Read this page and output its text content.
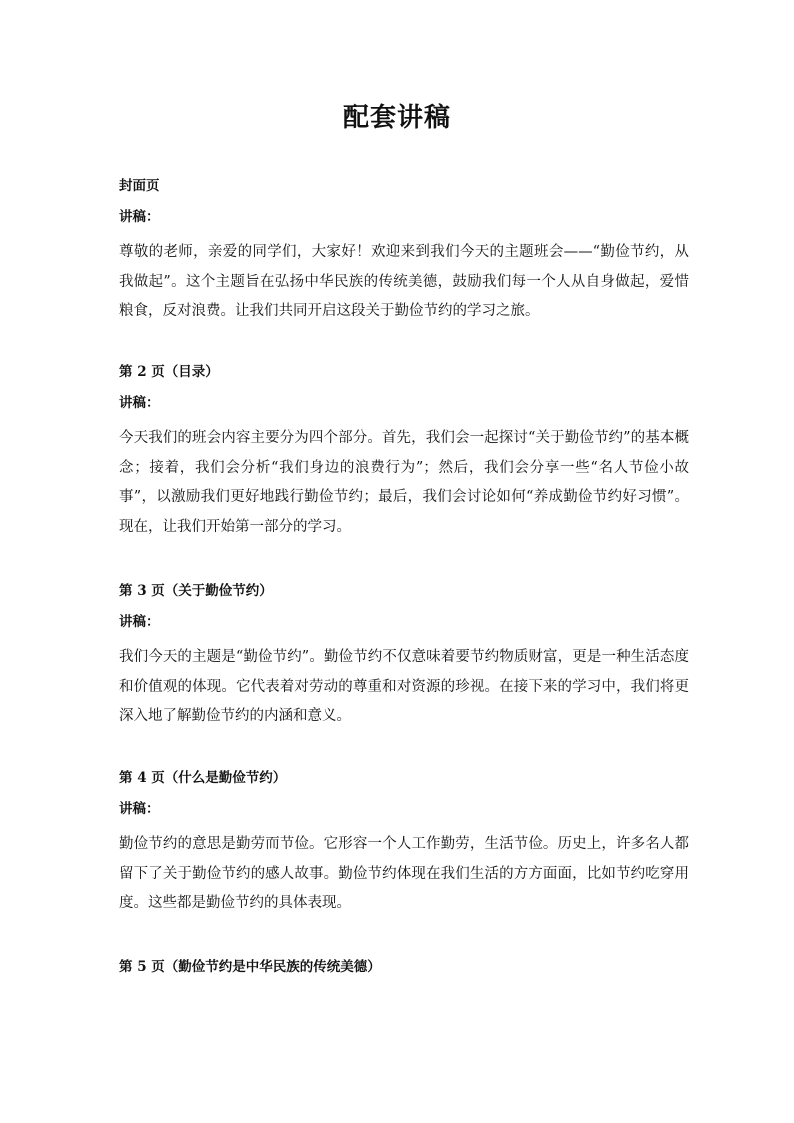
配套讲稿
封面页
讲稿：

尊敬的老师，亲爱的同学们，大家好！欢迎来到我们今天的主题班会——“勤俭节约，从我做起”。这个主题旨在弘扬中华民族的传统美德，鼓励我们每一个人从自身做起，爱惜粮食，反对浪费。让我们共同开启这段关于勤俭节约的学习之旅。

第 2 页（目录）
讲稿：

今天我们的班会内容主要分为四个部分。首先，我们会一起探讨“关于勤俭节约”的基本概念；接着，我们会分析“我们身边的浪费行为”；然后，我们会分享一些“名人节俭小故事”，以激励我们更好地践行勤俭节约；最后，我们会讨论如何“养成勤俭节约好习惯”。现在，让我们开始第一部分的学习。

第 3 页（关于勤俭节约）
讲稿：

我们今天的主题是“勤俭节约”。勤俭节约不仅意味着要节约物质财富，更是一种生活态度和价值观的体现。它代表着对劳动的尊重和对资源的珍视。在接下来的学习中，我们将更深入地了解勤俭节约的内涵和意义。

第 4 页（什么是勤俭节约）
讲稿：

勤俭节约的意思是勤劳而节俭。它形容一个人工作勤劳，生活节俭。历史上，许多名人都留下了关于勤俭节约的感人故事。勤俭节约体现在我们生活的方方面面，比如节约吃穿用度。这些都是勤俭节约的具体表现。

第 5 页（勤俭节约是中华民族的传统美德）
